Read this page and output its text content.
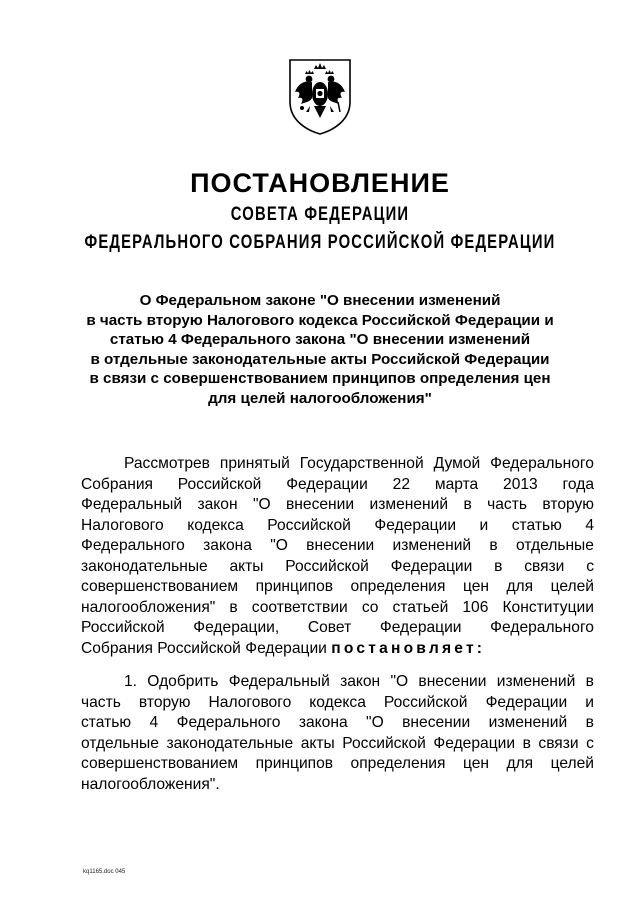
ПОСТАНОВЛЕНИЕ
СОВЕТА ФЕДЕРАЦИИ
ФЕДЕРАЛЬНОГО СОБРАНИЯ РОССИЙСКОЙ ФЕДЕРАЦИИ
О Федеральном законе "О внесении изменений
в часть вторую Налогового кодекса Российской Федерации и
статью 4 Федерального закона "О внесении изменений
в отдельные законодательные акты Российской Федерации
в связи с совершенствованием принципов определения цен
для целей налогообложения"
Рассмотрев принятый Государственной Думой Федерального
Собрания Российской Федерации 22 марта 2013 года
Федеральный закон "О внесении изменений в часть вторую
Налогового кодекса Российской Федерации и статью 4
Федерального закона "О внесении изменений в отдельные
законодательные акты Российской Федерации в связи с
совершенствованием принципов определения цен для целей
налогообложения" в соответствии со статьей 106 Конституции
Российской Федерации, Совет Федерации Федерального
Собрания Российской Федерации
постановляет:
1. Одобрить Федеральный закон "О внесении изменений в
часть вторую Налогового кодекса Российской Федерации и
статью 4 Федерального закона "О внесении изменений в
отдельные законодательные акты Российской Федерации в связи с
совершенствованием принципов определения цен для целей
налогообложения".
kq1165.doc 045
